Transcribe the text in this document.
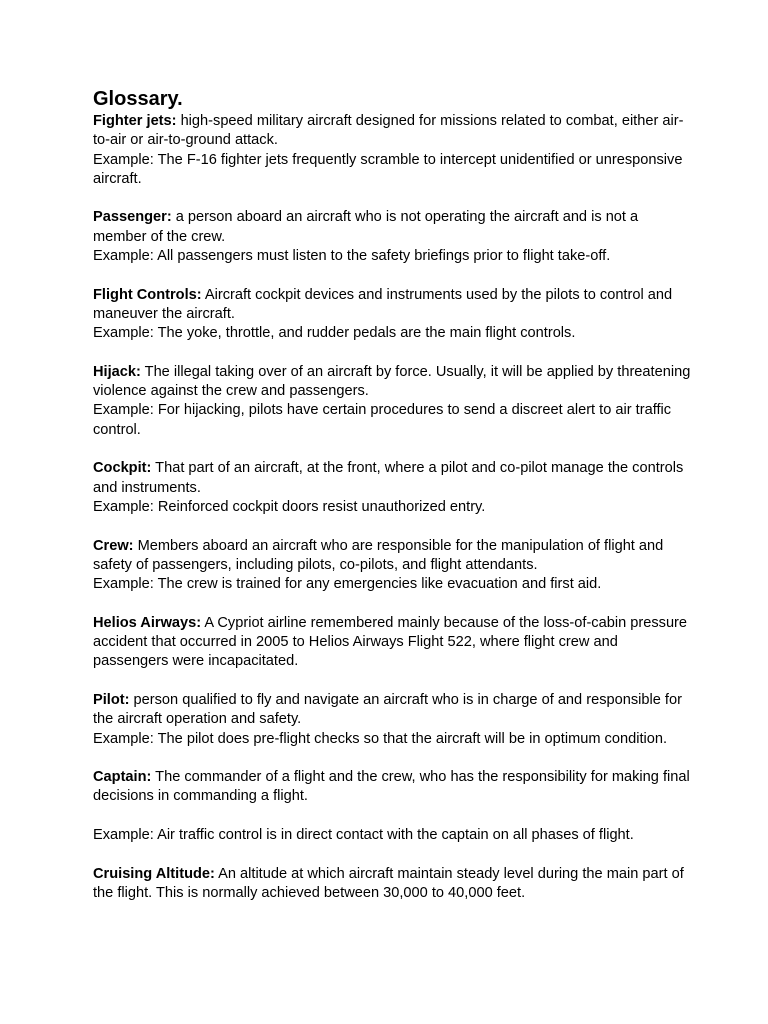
Glossary.

Fighter jets: high-speed military aircraft designed for missions related to combat, either air-to-air or air-to-ground attack.

Example: The F-16 fighter jets frequently scramble to intercept unidentified or unresponsive aircraft.

Passenger: a person aboard an aircraft who is not operating the aircraft and is not a member of the crew.

Example: All passengers must listen to the safety briefings prior to flight take-off.

Flight Controls: Aircraft cockpit devices and instruments used by the pilots to control and maneuver the aircraft.

Example: The yoke, throttle, and rudder pedals are the main flight controls.

Hijack: The illegal taking over of an aircraft by force. Usually, it will be applied by threatening violence against the crew and passengers.

Example: For hijacking, pilots have certain procedures to send a discreet alert to air traffic control.

Cockpit: That part of an aircraft, at the front, where a pilot and co-pilot manage the controls and instruments.

Example: Reinforced cockpit doors resist unauthorized entry.

Crew: Members aboard an aircraft who are responsible for the manipulation of flight and safety of passengers, including pilots, co-pilots, and flight attendants.

Example: The crew is trained for any emergencies like evacuation and first aid.

Helios Airways: A Cypriot airline remembered mainly because of the loss-of-cabin pressure accident that occurred in 2005 to Helios Airways Flight 522, where flight crew and passengers were incapacitated.

Pilot: person qualified to fly and navigate an aircraft who is in charge of and responsible for the aircraft operation and safety.

Example: The pilot does pre-flight checks so that the aircraft will be in optimum condition.

Captain: The commander of a flight and the crew, who has the responsibility for making final decisions in commanding a flight.

Example: Air traffic control is in direct contact with the captain on all phases of flight.

Cruising Altitude: An altitude at which aircraft maintain steady level during the main part of the flight. This is normally achieved between 30,000 to 40,000 feet.
